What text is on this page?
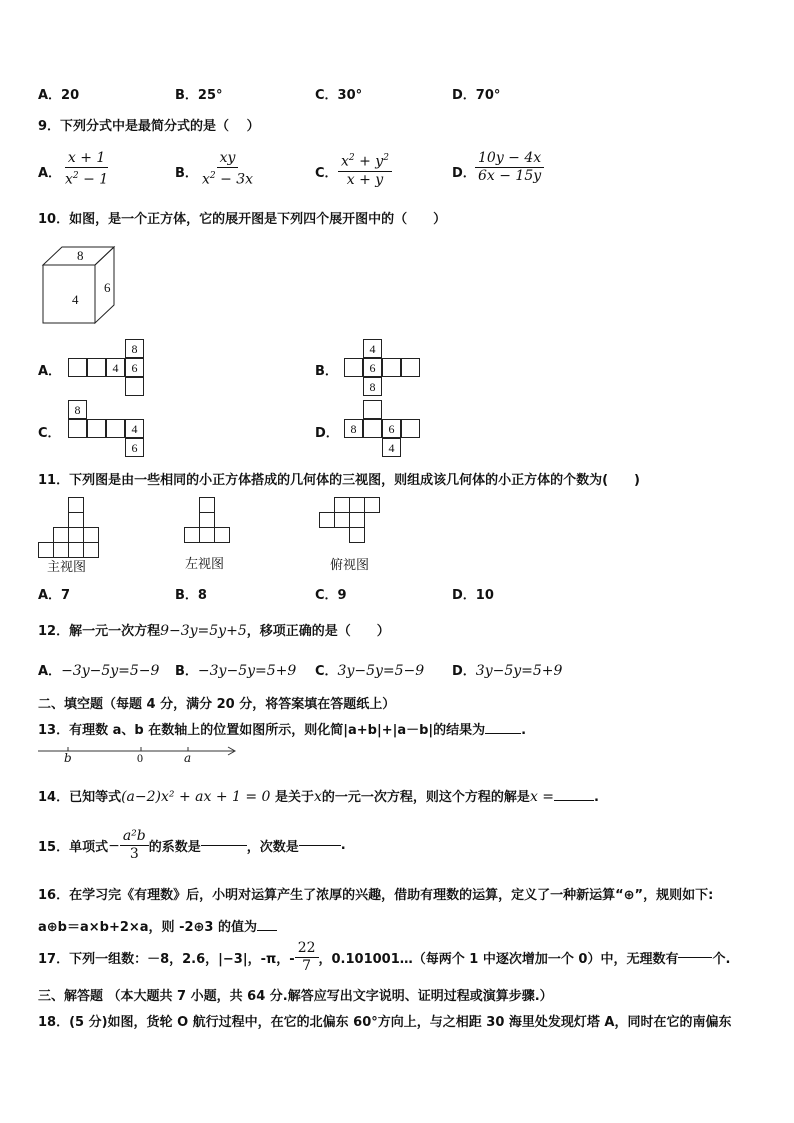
A．20	B．25°	C．30°	D．70°
9．下列分式中是最简分式的是（　 ）
A． $\frac{x + 1}{x^2 - 1}$	B． $\frac{xy}{x^2 - 3x}$	C． $\frac{x^2 + y^2}{x + y}$	D． $\frac{10y - 4x}{6x - 15y}$
10．如图，是一个正方体，它的展开图是下列四个展开图中的（　　）
8
4
6
A．	4	6
8
B．
4
6
8
C．
8
4
6
D． 8	6
4
11．下列图是由一些相同的小正方体搭成的几何体的三视图，则组成该几何体的小正方体的个数为(　　)
主视图	左视图	俯视图
A．7	B．8	C．9	D．10
12．解一元一次方程9−3y=5y+5，移项正确的是（　　）
A．−3y−5y=5−9 B．−3y−5y=5+9 C．3y−5y=5−9 D．3y−5y=5+9
二、填空题（每题 4 分，满分 20 分，将答案填在答题纸上）
13．有理数 a、b 在数轴上的位置如图所示，则化简|a+b|+|a－b|的结果为	.
b	0	a
14．已知等式(a−2)x² + ax + 1 = 0 是关于x的一元一次方程，则这个方程的解是x =	.
15．单项式 − $\frac{\text{a²b}}{3}$ 的系数是	，次数是	.
16．在学习完《有理数》后，小明对运算产生了浓厚的兴趣，借助有理数的运算，定义了一种新运算“⊕”，规则如下:
a⊕b＝a×b+2×a，则 -2⊕3 的值为
17．下列一组数：－8，2.6，|−3|，-π，- $\frac{22}{7}$ ，0.101001…（每两个 1 中逐次增加一个 0）中，无理数有	个.
三、解答题 （本大题共 7 小题，共 64 分.解答应写出文字说明、证明过程或演算步骤.）
18．(5 分)如图，货轮 O 航行过程中，在它的北偏东 60°方向上，与之相距 30 海里处发现灯塔 A，同时在它的南偏东
